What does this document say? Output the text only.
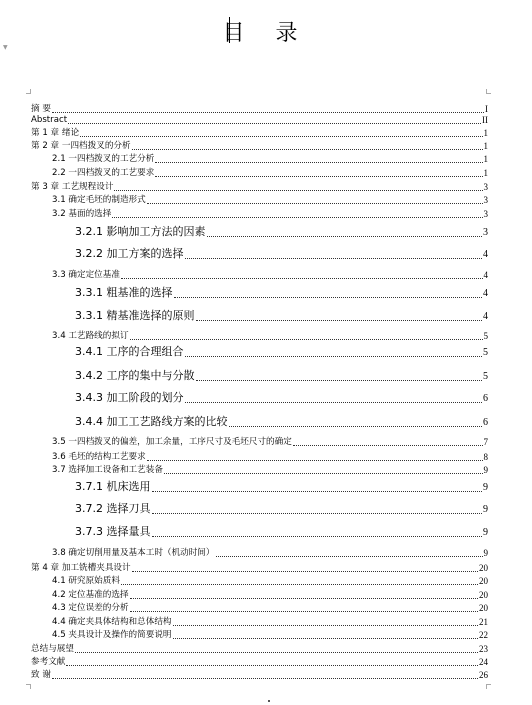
▼
目 录
摘 要	I
Abstract	II
第 1 章 绪论	1
第 2 章 一四档拨叉的分析	1
2.1 一四档拨叉的工艺分析	1
2.2 一四档拨叉的工艺要求	1
第 3 章 工艺规程设计	3
3.1 确定毛坯的制造形式	3
3.2 基面的选择	3
3.2.1 影响加工方法的因素	3
3.2.2 加工方案的选择	4
3.3 确定定位基准	4
3.3.1 粗基准的选择	4
3.3.1 精基准选择的原则	4
3.4 工艺路线的拟订	5
3.4.1 工序的合理组合	5
3.4.2 工序的集中与分散	5
3.4.3 加工阶段的划分	6
3.4.4 加工工艺路线方案的比较	6
3.5 一四档拨叉的偏差，加工余量，工序尺寸及毛坯尺寸的确定	7
3.6 毛坯的结构工艺要求	8
3.7 选择加工设备和工艺装备	9
3.7.1 机床选用	9
3.7.2 选择刀具	9
3.7.3 选择量具	9
3.8 确定切削用量及基本工时（机动时间）	9
第 4 章 加工铣槽夹具设计	20
4.1 研究原始质料	20
4.2 定位基准的选择	20
4.3 定位误差的分析	20
4.4 确定夹具体结构和总体结构	21
4.5 夹具设计及操作的简要说明	22
总结与展望	23
参考文献	24
致 谢	26
